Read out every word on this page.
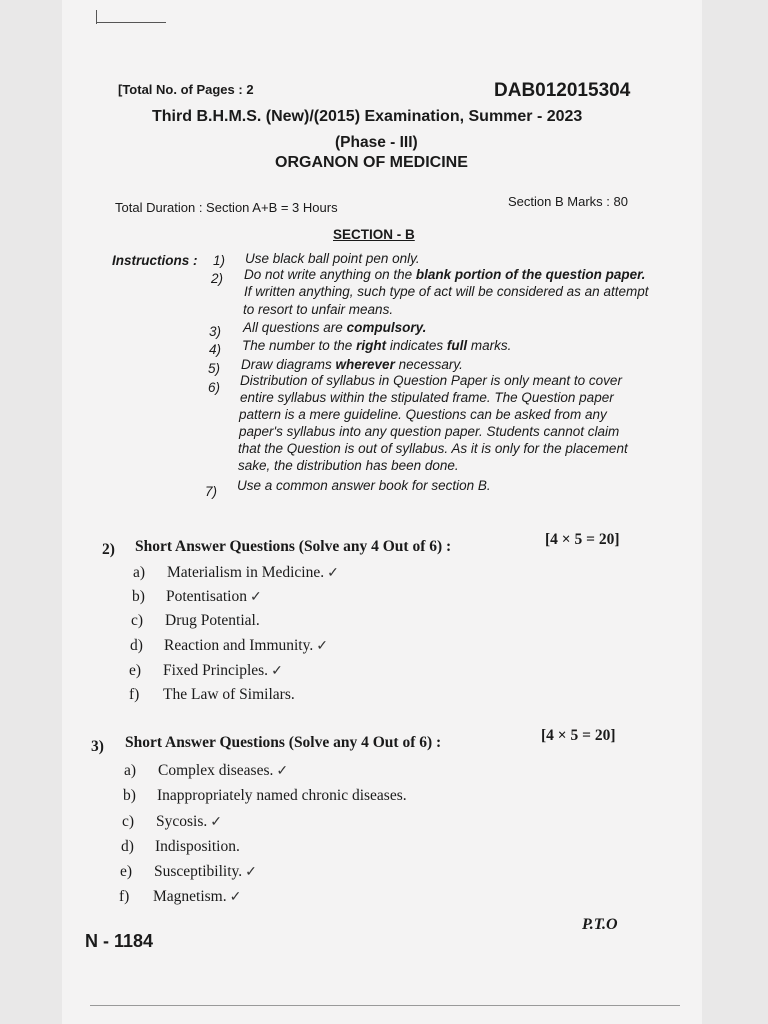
[Total No. of Pages : 2	DAB012015304
Third B.H.M.S. (New)/(2015) Examination, Summer - 2023
(Phase - III)
ORGANON OF MEDICINE
Total Duration : Section A+B = 3 Hours	Section B Marks : 80
SECTION - B
Instructions : 1) Use black ball point pen only.
2) Do not write anything on the blank portion of the question paper.
If written anything, such type of act will be considered as an attempt
to resort to unfair means.
3) All questions are compulsory.
4) The number to the right indicates full marks.
5) Draw diagrams wherever necessary.
6) Distribution of syllabus in Question Paper is only meant to cover
entire syllabus within the stipulated frame. The Question paper
pattern is a mere guideline. Questions can be asked from any
paper's syllabus into any question paper. Students cannot claim
that the Question is out of syllabus. As it is only for the placement
sake, the distribution has been done.
7) Use a common answer book for section B.
2) Short Answer Questions (Solve any 4 Out of 6) :	[4 × 5 = 20]
a) Materialism in Medicine. ✓
b) Potentisation ✓
c) Drug Potential.
d) Reaction and Immunity. ✓
e) Fixed Principles. ✓
f) The Law of Similars.
3) Short Answer Questions (Solve any 4 Out of 6) :	[4 × 5 = 20]
a) Complex diseases. ✓
b) Inappropriately named chronic diseases.
c) Sycosis. ✓
d) Indisposition.
e) Susceptibility. ✓
f) Magnetism. ✓
P.T.O
N - 1184
